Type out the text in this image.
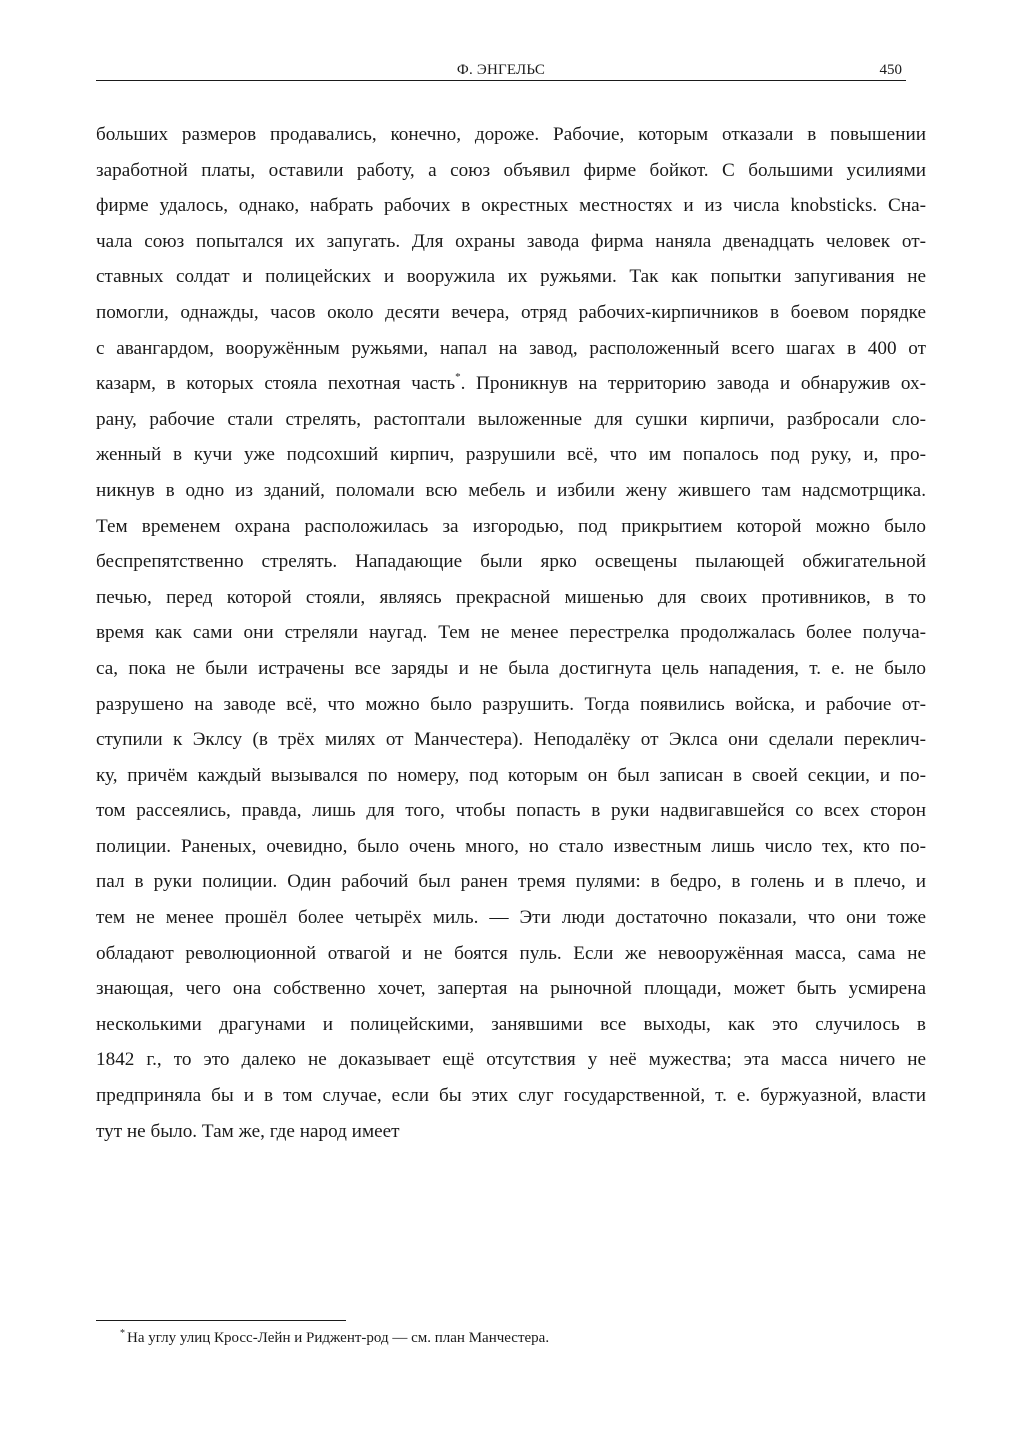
Ф. ЭНГЕЛЬС	450

больших размеров продавались, конечно, дороже. Рабочие, которым отказали в повышении
заработной платы, оставили работу, а союз объявил фирме бойкот. С большими усилиями
фирме удалось, однако, набрать рабочих в окрестных местностях и из числа knobsticks. Сна-
чала союз попытался их запугать. Для охраны завода фирма наняла двенадцать человек от-
ставных солдат и полицейских и вооружила их ружьями. Так как попытки запугивания не
помогли, однажды, часов около десяти вечера, отряд рабочих-кирпичников в боевом порядке
с авангардом, вооружённым ружьями, напал на завод, расположенный всего шагах в 400 от
казарм, в которых стояла пехотная часть*. Проникнув на территорию завода и обнаружив ох-
рану, рабочие стали стрелять, растоптали выложенные для сушки кирпичи, разбросали сло-
женный в кучи уже подсохший кирпич, разрушили всё, что им попалось под руку, и, про-
никнув в одно из зданий, поломали всю мебель и избили жену жившего там надсмотрщика.
Тем временем охрана расположилась за изгородью, под прикрытием которой можно было
беспрепятственно стрелять. Нападающие были ярко освещены пылающей обжигательной
печью, перед которой стояли, являясь прекрасной мишенью для своих противников, в то
время как сами они стреляли наугад. Тем не менее перестрелка продолжалась более получа-
са, пока не были истрачены все заряды и не была достигнута цель нападения, т. е. не было
разрушено на заводе всё, что можно было разрушить. Тогда появились войска, и рабочие от-
ступили к Эклсу (в трёх милях от Манчестера). Неподалёку от Эклса они сделали переклич-
ку, причём каждый вызывался по номеру, под которым он был записан в своей секции, и по-
том рассеялись, правда, лишь для того, чтобы попасть в руки надвигавшейся со всех сторон
полиции. Раненых, очевидно, было очень много, но стало известным лишь число тех, кто по-
пал в руки полиции. Один рабочий был ранен тремя пулями: в бедро, в голень и в плечо, и
тем не менее прошёл более четырёх миль. — Эти люди достаточно показали, что они тоже
обладают революционной отвагой и не боятся пуль. Если же невооружённая масса, сама не
знающая, чего она собственно хочет, запертая на рыночной площади, может быть усмирена
несколькими драгунами и полицейскими, занявшими все выходы, как это случилось в
1842 г., то это далеко не доказывает ещё отсутствия у неё мужества; эта масса ничего не
предприняла бы и в том случае, если бы этих слуг государственной, т. е. буржуазной, власти
тут не было. Там же, где народ имеет

* На углу улиц Кросс-Лейн и Риджент-род — см. план Манчестера.
